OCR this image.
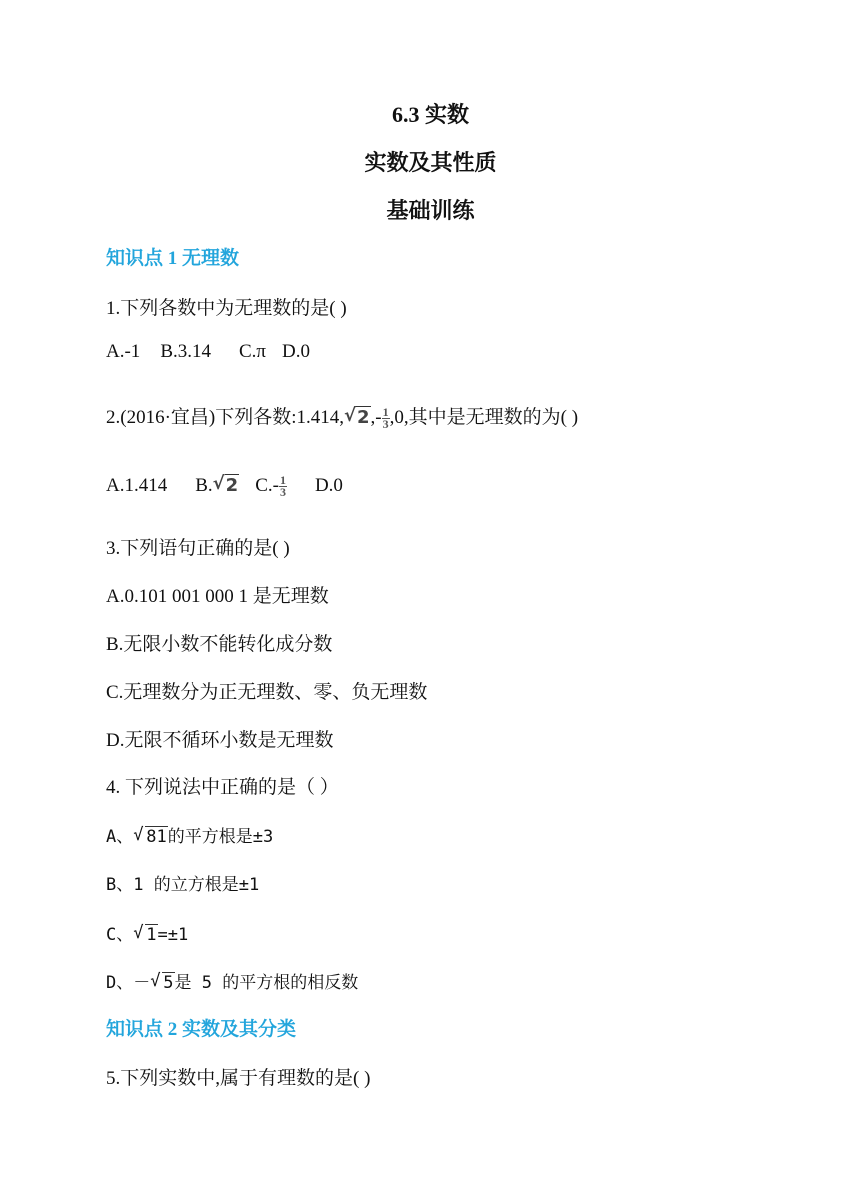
6.3 实数
实数及其性质
基础训练
知识点 1 无理数
1.下列各数中为无理数的是( )
A.-1 B.3.14 C.π D.0
2.(2016·宜昌)下列各数:1.414, √ $2,- \frac{1}{3} ,0$,其中是无理数的为( )
A.1.414 B. √ 2 $C.- \frac{1}{3} D.0$
3.下列语句正确的是( )
A.0.101 001 000 1 是无理数
B.无限小数不能转化成分数
C.无理数分为正无理数、零、负无理数
D.无限不循环小数是无理数
4. 下列说法中正确的是（ ）
A、 √ 81的平方根是±3
B、1 的立方根是±1
C、 √ 1=±1
D、－ √ 5是 5 的平方根的相反数
知识点 2 实数及其分类
5.下列实数中,属于有理数的是( )
